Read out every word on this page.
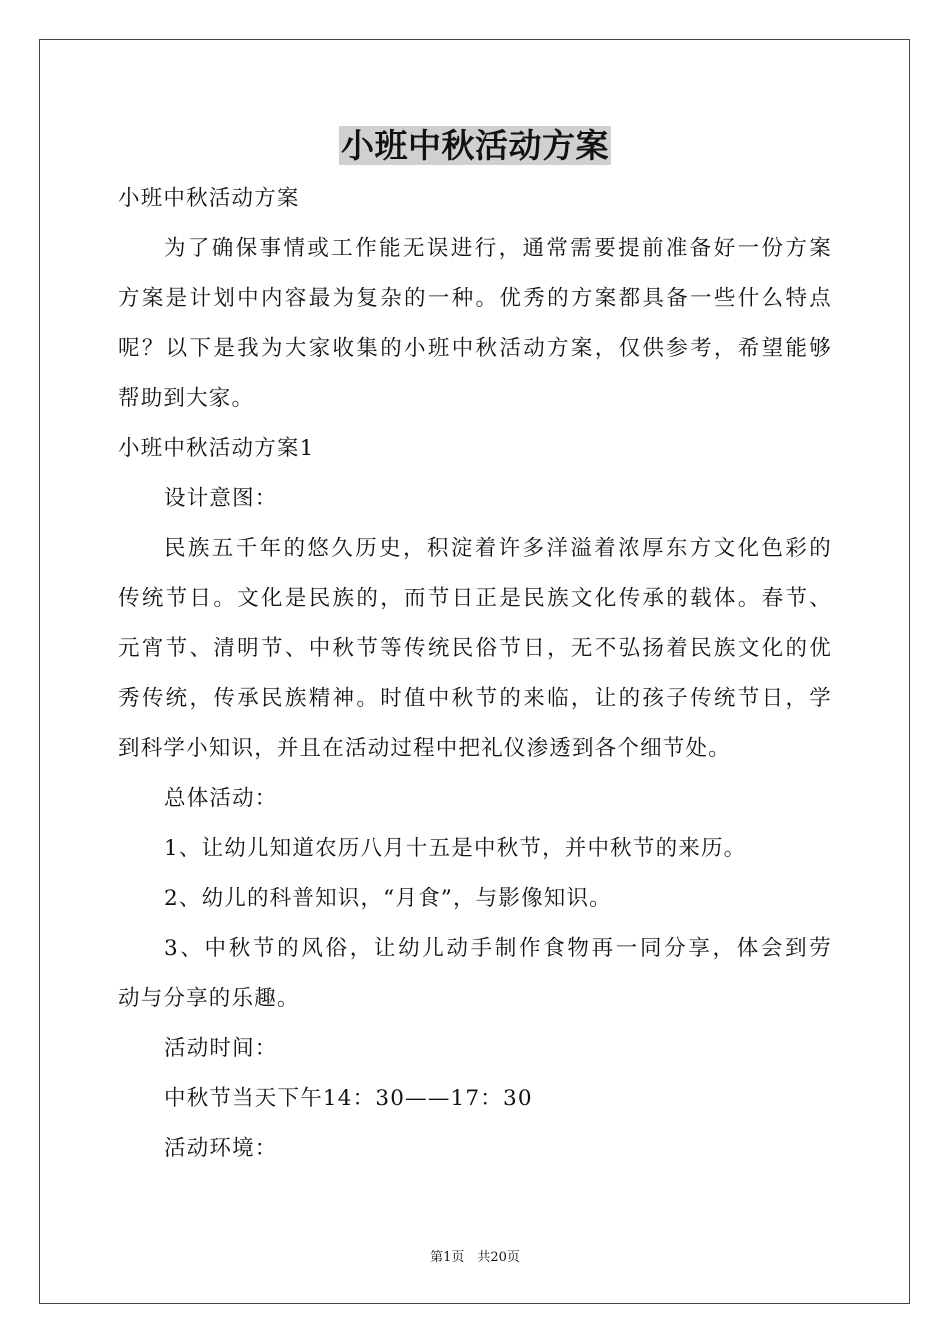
小班中秋活动方案
小班中秋活动方案
为了确保事情或工作能无误进行，通常需要提前准备好一份方案
方案是计划中内容最为复杂的一种。优秀的方案都具备一些什么特点
呢？以下是我为大家收集的小班中秋活动方案，仅供参考，希望能够
帮助到大家。
小班中秋活动方案1
设计意图：
民族五千年的悠久历史，积淀着许多洋溢着浓厚东方文化色彩的
传统节日。文化是民族的，而节日正是民族文化传承的载体。春节、
元宵节、清明节、中秋节等传统民俗节日，无不弘扬着民族文化的优
秀传统，传承民族精神。时值中秋节的来临，让的孩子传统节日，学
到科学小知识，并且在活动过程中把礼仪渗透到各个细节处。
总体活动：
1、让幼儿知道农历八月十五是中秋节，并中秋节的来历。
2、幼儿的科普知识，“月食”，与影像知识。
3、中秋节的风俗，让幼儿动手制作食物再一同分享，体会到劳
动与分享的乐趣。
活动时间：
中秋节当天下午14：30——17：30
活动环境：
第1页　共20页
